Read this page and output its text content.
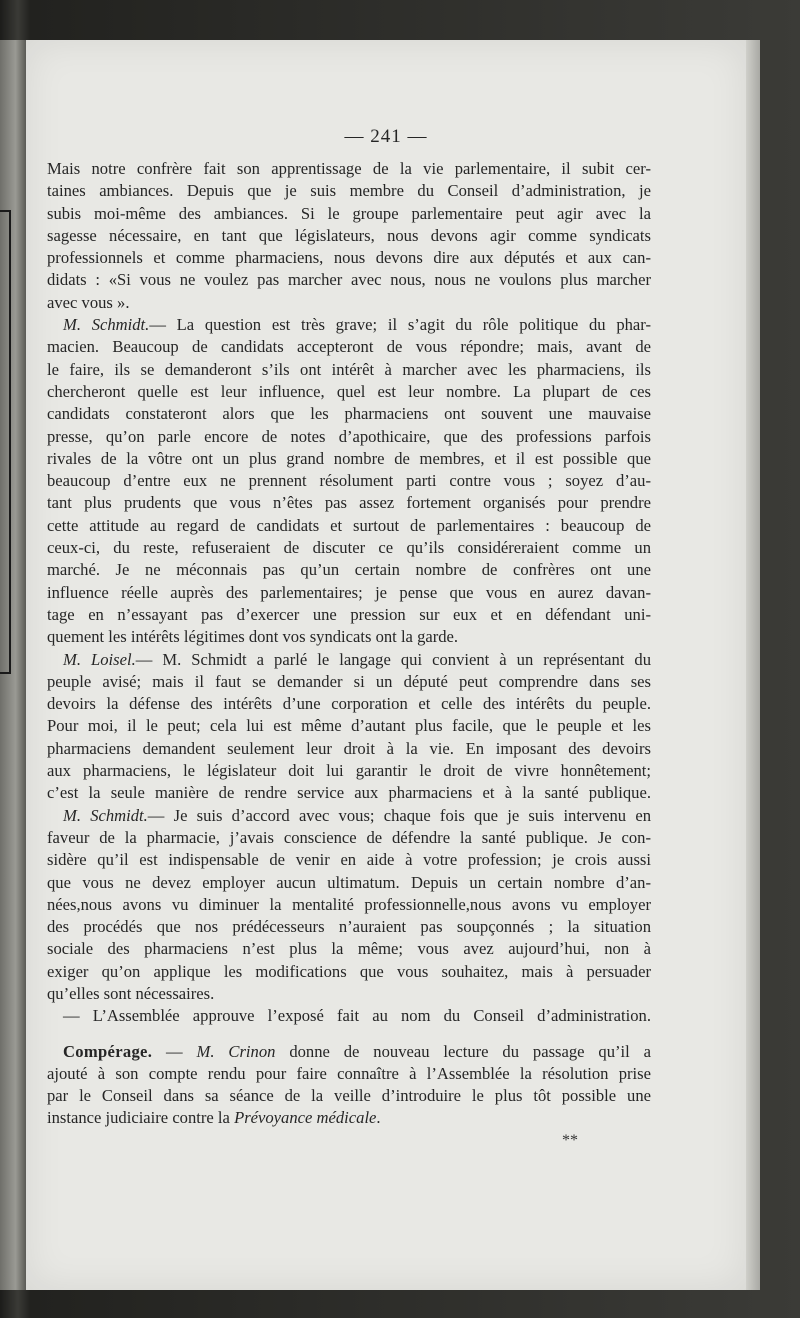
— 241 —
Mais notre confrère fait son apprentissage de la vie parlementaire, il subit cer-
taines ambiances. Depuis que je suis membre du Conseil d’administration, je
subis moi-même des ambiances. Si le groupe parlementaire peut agir avec la
sagesse nécessaire, en tant que législateurs, nous devons agir comme syndicats
professionnels et comme pharmaciens, nous devons dire aux députés et aux can-
didats : «Si vous ne voulez pas marcher avec nous, nous ne voulons plus marcher
avec vous ».
M. Schmidt.— La question est très grave; il s’agit du rôle politique du phar-
macien. Beaucoup de candidats accepteront de vous répondre; mais, avant de
le faire, ils se demanderont s’ils ont intérêt à marcher avec les pharmaciens, ils
chercheront quelle est leur influence, quel est leur nombre. La plupart de ces
candidats constateront alors que les pharmaciens ont souvent une mauvaise
presse, qu’on parle encore de notes d’apothicaire, que des professions parfois
rivales de la vôtre ont un plus grand nombre de membres, et il est possible que
beaucoup d’entre eux ne prennent résolument parti contre vous ; soyez d’au-
tant plus prudents que vous n’êtes pas assez fortement organisés pour prendre
cette attitude au regard de candidats et surtout de parlementaires : beaucoup de
ceux-ci, du reste, refuseraient de discuter ce qu’ils considéreraient comme un
marché. Je ne méconnais pas qu’un certain nombre de confrères ont une
influence réelle auprès des parlementaires; je pense que vous en aurez davan-
tage en n’essayant pas d’exercer une pression sur eux et en défendant uni-
quement les intérêts légitimes dont vos syndicats ont la garde.
M. Loisel.— M. Schmidt a parlé le langage qui convient à un représentant du
peuple avisé; mais il faut se demander si un député peut comprendre dans ses
devoirs la défense des intérêts d’une corporation et celle des intérêts du peuple.
Pour moi, il le peut; cela lui est même d’autant plus facile, que le peuple et les
pharmaciens demandent seulement leur droit à la vie. En imposant des devoirs
aux pharmaciens, le législateur doit lui garantir le droit de vivre honnêtement;
c’est la seule manière de rendre service aux pharmaciens et à la santé publique.
M. Schmidt.— Je suis d’accord avec vous; chaque fois que je suis intervenu en
faveur de la pharmacie, j’avais conscience de défendre la santé publique. Je con-
sidère qu’il est indispensable de venir en aide à votre profession; je crois aussi
que vous ne devez employer aucun ultimatum. Depuis un certain nombre d’an-
nées,nous avons vu diminuer la mentalité professionnelle,nous avons vu employer
des procédés que nos prédécesseurs n’auraient pas soupçonnés ; la situation
sociale des pharmaciens n’est plus la même; vous avez aujourd’hui, non à
exiger qu’on applique les modifications que vous souhaitez, mais à persuader
qu’elles sont nécessaires.
— L’Assemblée approuve l’exposé fait au nom du Conseil d’administration.
Compérage. — M. Crinon donne de nouveau lecture du passage qu’il a
ajouté à son compte rendu pour faire connaître à l’Assemblée la résolution prise
par le Conseil dans sa séance de la veille d’introduire le plus tôt possible une
instance judiciaire contre la Prévoyance médicale.
**
